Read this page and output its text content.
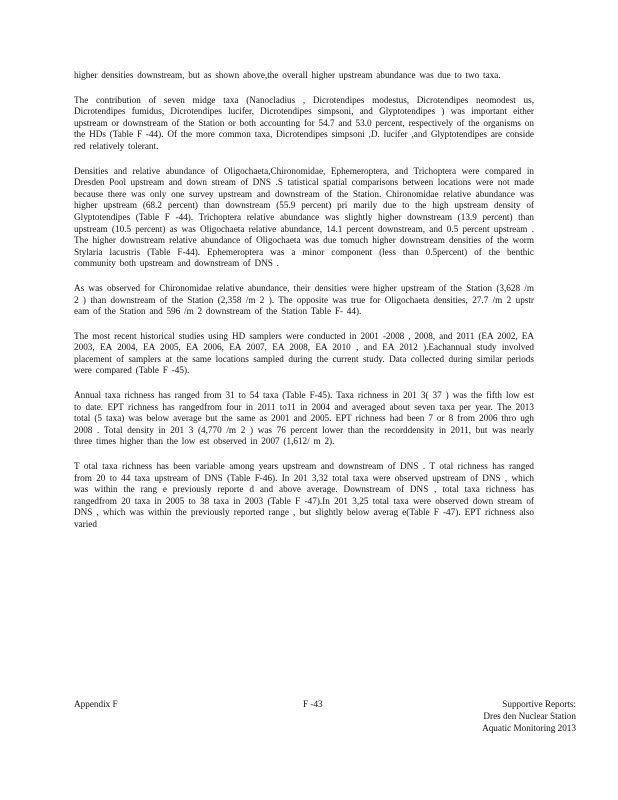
higher densities downstream, but as shown above,the overall higher upstream abundance was due to two taxa.

The contribution of seven midge taxa (Nanocladius , Dicrotendipes modestus, Dicrotendipes neomodest us, Dicrotendipes fumidus, Dicrotendipes lucifer, Dicrotendipes simpsoni, and Glyptotendipes ) was important either upstream or downstream of the Station or both accounting for 54.7 and 53.0 percent, respectively of the organisms on the HDs (Table F -44). Of the more common taxa, Dicrotendipes simpsoni ,D. lucifer ,and Glyptotendipes are conside red relatively tolerant.

Densities and relative abundance of Oligochaeta,Chironomidae, Ephemeroptera, and Trichoptera were compared in Dresden Pool upstream and down stream of DNS .S tatistical spatial comparisons between locations were not made because there was only one survey upstream and downstream of the Station. Chironomidae relative abundance was higher upstream (68.2 percent) than downstream (55.9 percent) pri marily due to the high upstream density of Glyptotendipes (Table F -44). Trichoptera relative abundance was slightly higher downstream (13.9 percent) than upstream (10.5 percent) as was Oligochaeta relative abundance, 14.1 percent downstream, and 0.5 percent upstream . The higher downstream relative abundance of Oligochaeta was due tomuch higher downstream densities of the worm Stylaria lacustris (Table F-44). Ephemeroptera was a minor component (less than 0.5percent) of the benthic community both upstream and downstream of DNS .

As was observed for Chironomidae relative abundance, their densities were higher upstream of the Station (3,628 /m 2 ) than downstream of the Station (2,358 /m 2 ). The opposite was true for Oligochaeta densities, 27.7 /m 2 upstr eam of the Station and 596 /m 2 downstream of the Station Table F- 44).

The most recent historical studies using HD samplers were conducted in 2001 -2008 , 2008, and 2011 (EA 2002, EA 2003, EA 2004, EA 2005, EA 2006, EA 2007, EA 2008, EA 2010 , and EA 2012 ).Eachannual study involved placement of samplers at the same locations sampled during the current study. Data collected during similar periods were compared (Table F -45).

Annual taxa richness has ranged from 31 to 54 taxa (Table F-45). Taxa richness in 201 3( 37 ) was the fifth low est to date. EPT richness has rangedfrom four in 2011 to11 in 2004 and averaged about seven taxa per year. The 2013 total (5 taxa) was below average but the same as 2001 and 2005. EPT richness had been 7 or 8 from 2006 thro ugh 2008 . Total density in 201 3 (4,770 /m 2 ) was 76 percent lower than the recorddensity in 2011, but was nearly three times higher than the low est observed in 2007 (1,612/ m 2).

T otal taxa richness has been variable among years upstream and downstream of DNS . T otal richness has ranged from 20 to 44 taxa upstream of DNS (Table F-46). In 201 3,32 total taxa were observed upstream of DNS , which was within the rang e previously reporte d and above average. Downstream of DNS , total taxa richness has rangedfrom 20 taxa in 2005 to 38 taxa in 2003 (Table F -47).In 201 3,25 total taxa were observed down stream of DNS , which was within the previously reported range , but slightly below averag e(Table F -47). EPT richness also varied

Appendix F	F -43	Supportive Reports:
Dres den Nuclear Station
Aquatic Monitoring 2013
